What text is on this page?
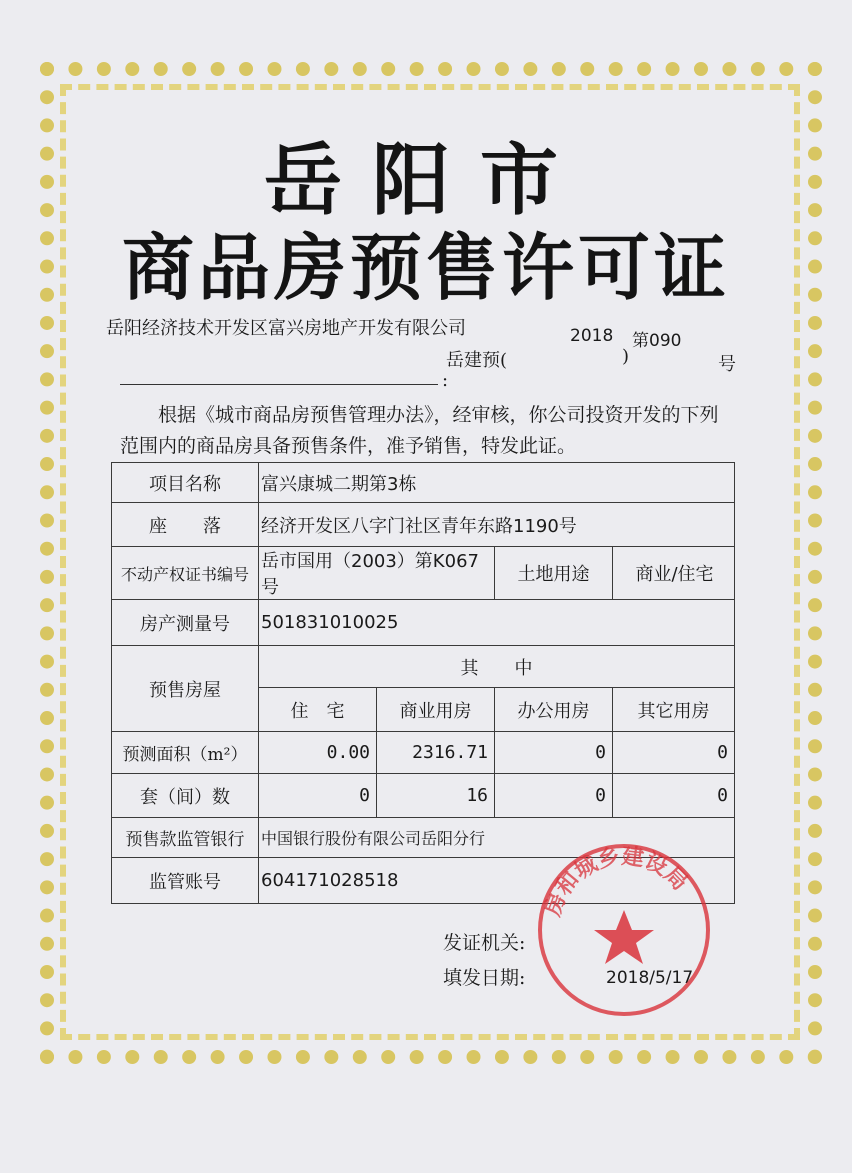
岳阳市
商品房预售许可证
岳阳经济技术开发区富兴房地产开发有限公司	2018 第090
岳建预(	)	号
:
根据《城市商品房预售管理办法》，经审核，你公司投资开发的下列范围内的商品房具备预售条件，准予销售，特发此证。
项目名称	富兴康城二期第3栋			
座　　落	经济开发区八字门社区青年东路1190号			
不动产权证书编号	岳市国用（2003）第K067号		土地用途	商业/住宅
房产测量号	501831010025			
预售房屋	其　　中			
	住　宅	商业用房	办公用房	其它用房
预测面积（m²）	0.00	2316.71	0	0
套（间）数	0	16	0	0
预售款监管银行	中国银行股份有限公司岳阳分行			
监管账号	604171028518			
发证机关:
填发日期:	2018/5/17
房和城乡建设局
